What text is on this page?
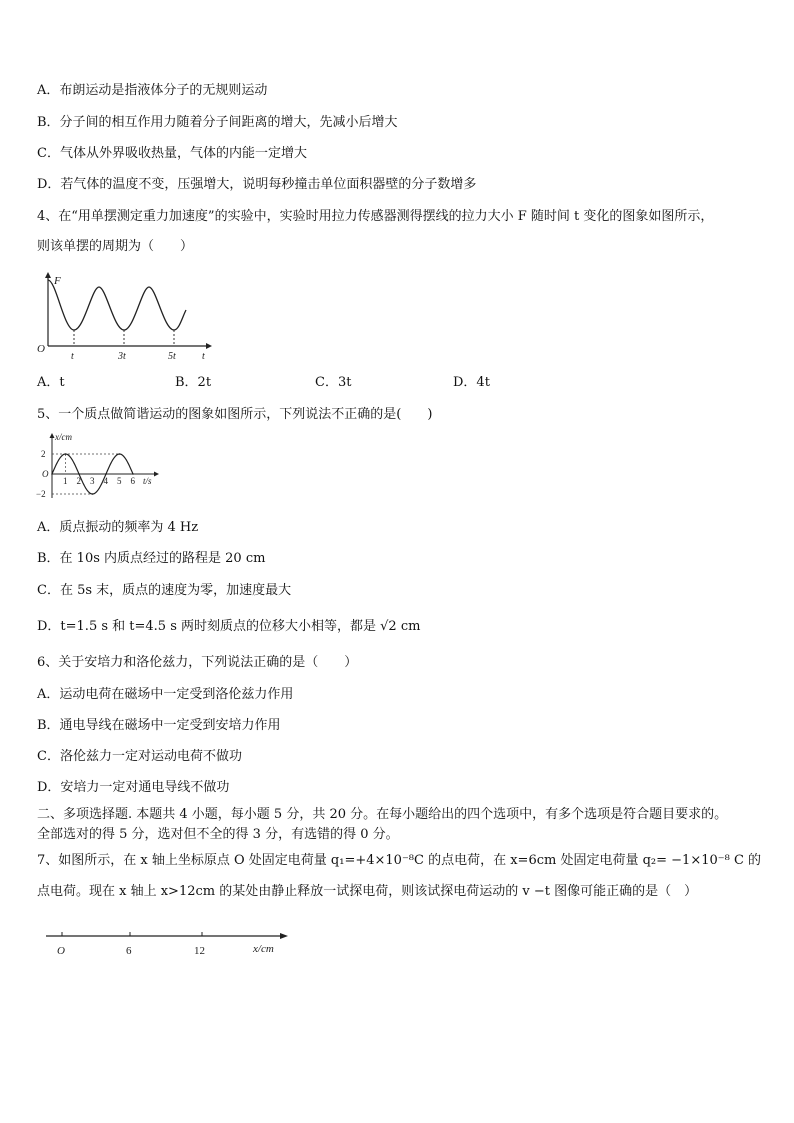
A．布朗运动是指液体分子的无规则运动
B．分子间的相互作用力随着分子间距离的增大，先减小后增大
C．气体从外界吸收热量，气体的内能一定增大
D．若气体的温度不变，压强增大，说明每秒撞击单位面积器壁的分子数增多
4、在“用单摆测定重力加速度”的实验中，实验时用拉力传感器测得摆线的拉力大小 F 随时间 t 变化的图象如图所示，
则该单摆的周期为（　　）
F
O
t	3t	5t	t
A．t	B．2t	C．3t	D．4t
5、一个质点做简谐运动的图象如图所示，下列说法不正确的是(　　)
1 2 3 4 5 6
2
O
−2
x/cm
t/s
A．质点振动的频率为 4 Hz
B．在 10s 内质点经过的路程是 20 cm
C．在 5s 末，质点的速度为零，加速度最大
D．t=1.5 s 和 t=4.5 s 两时刻质点的位移大小相等，都是 √2 cm
6、关于安培力和洛伦兹力，下列说法正确的是（　　）
A．运动电荷在磁场中一定受到洛伦兹力作用
B．通电导线在磁场中一定受到安培力作用
C．洛伦兹力一定对运动电荷不做功
D．安培力一定对通电导线不做功
二、多项选择题. 本题共 4 小题，每小题 5 分，共 20 分。在每小题给出的四个选项中，有多个选项是符合题目要求的。
全部选对的得 5 分，选对但不全的得 3 分，有选错的得 0 分。
7、如图所示，在 x 轴上坐标原点 O 处固定电荷量 q₁=+4×10⁻⁸C 的点电荷，在 x=6cm 处固定电荷量 q₂= −1×10⁻⁸ C 的
点电荷。现在 x 轴上 x>12cm 的某处由静止释放一试探电荷，则该试探电荷运动的 v −t 图像可能正确的是（　）
O	6	12	x/cm
